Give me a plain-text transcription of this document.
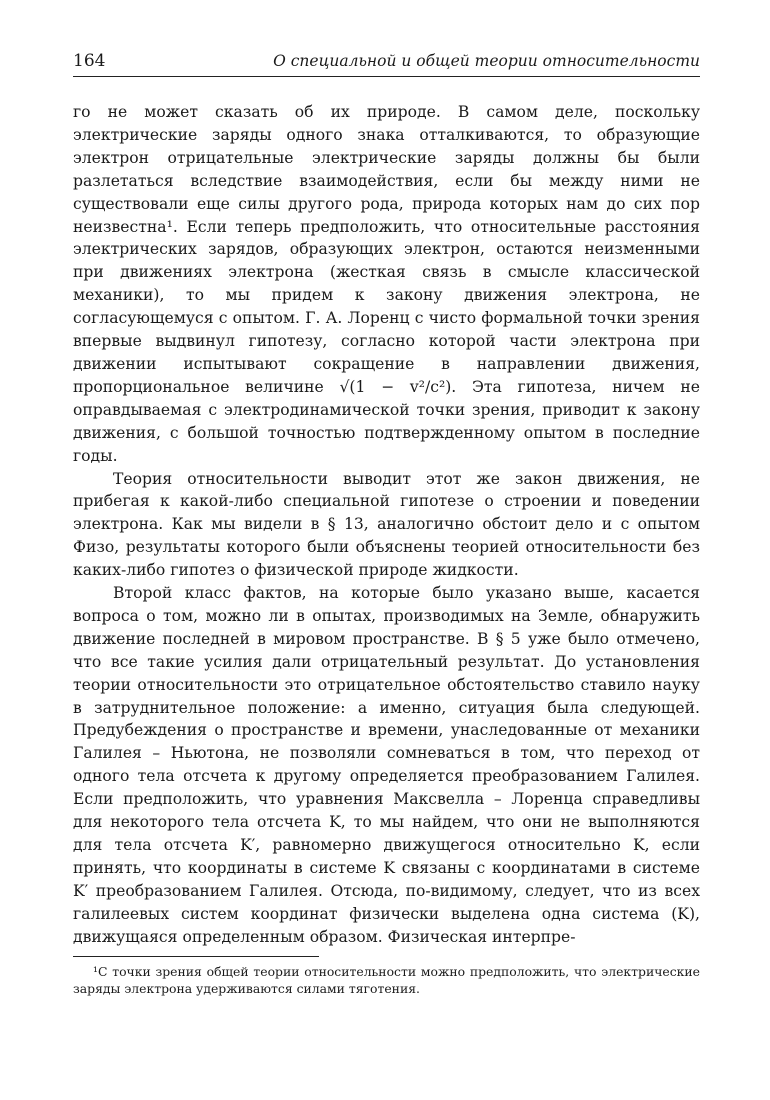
164	О специальной и общей теории относительности

го не может сказать об их природе. В самом деле, поскольку электрические заряды одного знака отталкиваются, то образующие электрон отрицательные электрические заряды должны бы были разлетаться вследствие взаимодействия, если бы между ними не существовали еще силы другого рода, природа которых нам до сих пор неизвестна¹. Если теперь предположить, что относительные расстояния электрических зарядов, образующих электрон, остаются неизменными при движениях электрона (жесткая связь в смысле классической механики), то мы придем к закону движения электрона, не согласующемуся с опытом. Г. А. Лоренц с чисто формальной точки зрения впервые выдвинул гипотезу, согласно которой части электрона при движении испытывают сокращение в направлении движения, пропорциональное величине √(1 − v²/c²). Эта гипотеза, ничем не оправдываемая с электродинамической точки зрения, приводит к закону движения, с большой точностью подтвержденному опытом в последние годы.

Теория относительности выводит этот же закон движения, не прибегая к какой-либо специальной гипотезе о строении и поведении электрона. Как мы видели в § 13, аналогично обстоит дело и с опытом Физо, результаты которого были объяснены теорией относительности без каких-либо гипотез о физической природе жидкости.

Второй класс фактов, на которые было указано выше, касается вопроса о том, можно ли в опытах, производимых на Земле, обнаружить движение последней в мировом пространстве. В § 5 уже было отмечено, что все такие усилия дали отрицательный результат. До установления теории относительности это отрицательное обстоятельство ставило науку в затруднительное положение: а именно, ситуация была следующей. Предубеждения о пространстве и времени, унаследованные от механики Галилея – Ньютона, не позволяли сомневаться в том, что переход от одного тела отсчета к другому определяется преобразованием Галилея. Если предположить, что уравнения Максвелла – Лоренца справедливы для некоторого тела отсчета K, то мы найдем, что они не выполняются для тела отсчета K′, равномерно движущегося относительно K, если принять, что координаты в системе K связаны с координатами в системе K′ преобразованием Галилея. Отсюда, по-видимому, следует, что из всех галилеевых систем координат физически выделена одна система (K), движущаяся определенным образом. Физическая интерпре-

¹С точки зрения общей теории относительности можно предположить, что электрические заряды электрона удерживаются силами тяготения.
